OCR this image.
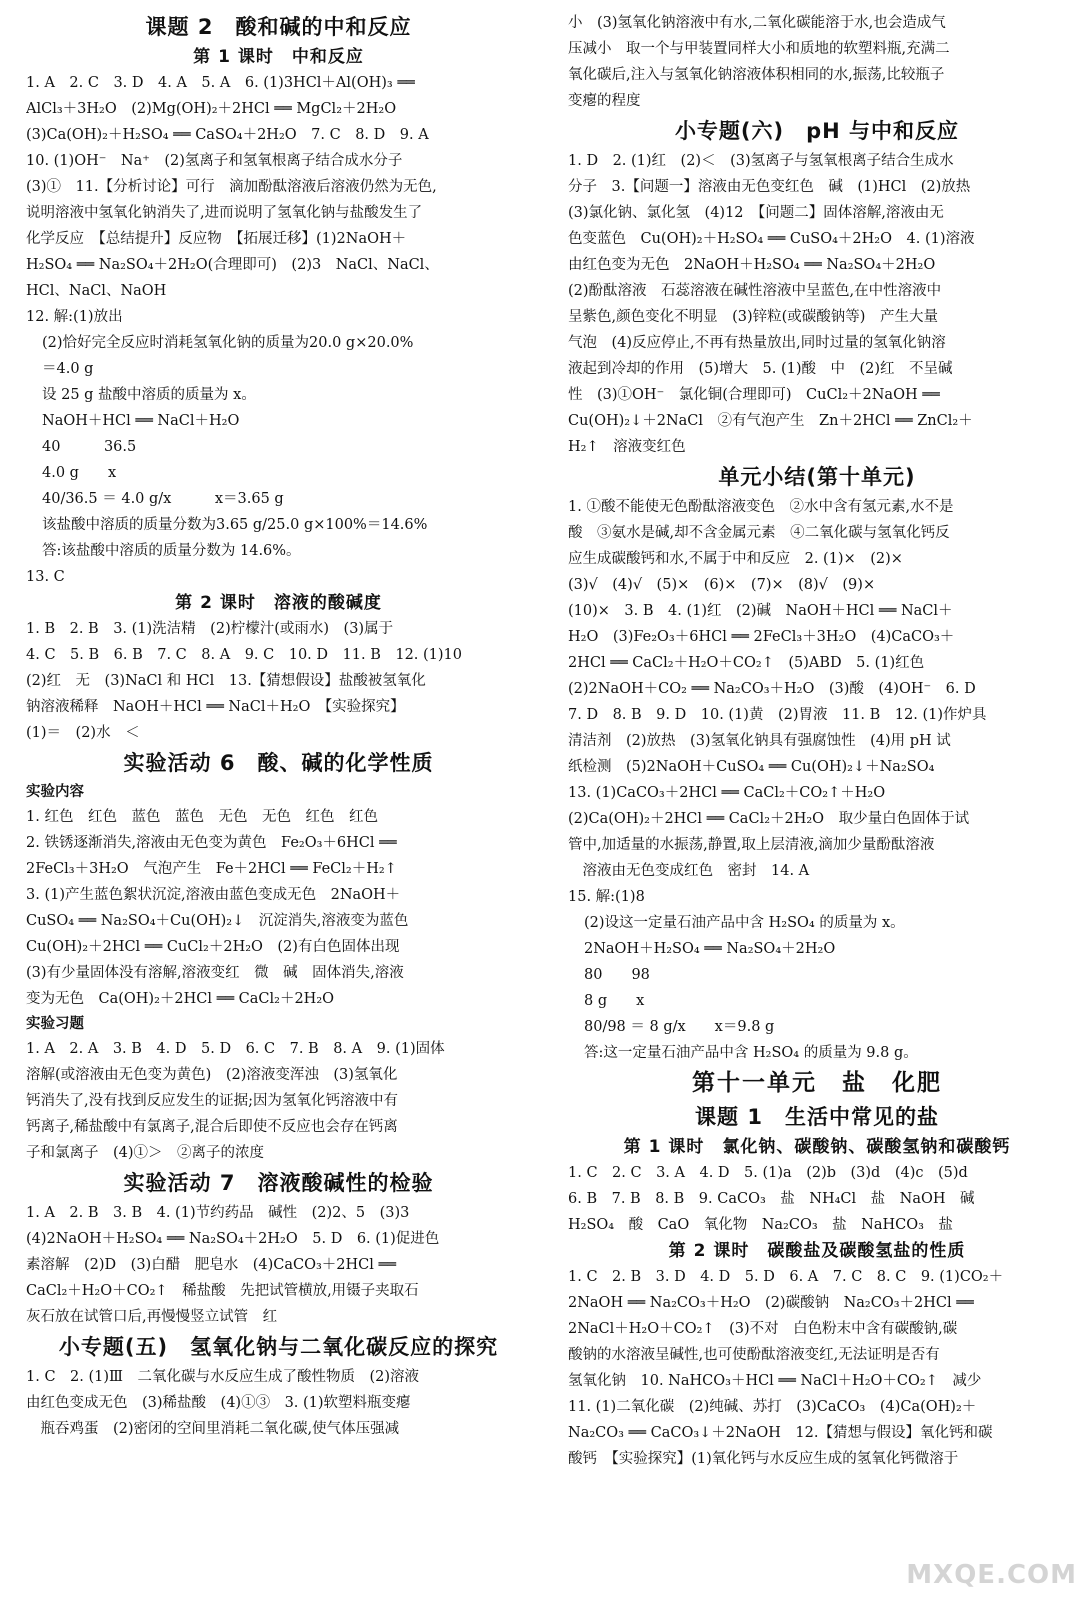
课题 2　酸和碱的中和反应
第 1 课时　中和反应
1. A　2. C　3. D　4. A　5. A　6. (1)3HCl＋Al(OH)₃ ══
AlCl₃＋3H₂O　(2)Mg(OH)₂＋2HCl ══ MgCl₂＋2H₂O
(3)Ca(OH)₂＋H₂SO₄ ══ CaSO₄＋2H₂O　7. C　8. D　9. A
10. (1)OH⁻　Na⁺　(2)氢离子和氢氧根离子结合成水分子
(3)①　11.【分析讨论】可行　滴加酚酞溶液后溶液仍然为无色,
说明溶液中氢氧化钠消失了,进而说明了氢氧化钠与盐酸发生了
化学反应　【总结提升】反应物　【拓展迁移】(1)2NaOH＋
H₂SO₄ ══ Na₂SO₄＋2H₂O(合理即可)　(2)3　NaCl、NaCl、
HCl、NaCl、NaOH
12. 解:(1)放出
(2)恰好完全反应时消耗氢氧化钠的质量为20.0 g×20.0%
＝4.0 g
设 25 g 盐酸中溶质的质量为 x。
NaOH＋HCl ══ NaCl＋H₂O
40　　　36.5
4.0 g　　x
40/36.5 ＝ 4.0 g/x　　　x＝3.65 g
该盐酸中溶质的质量分数为3.65 g/25.0 g×100%＝14.6%
答:该盐酸中溶质的质量分数为 14.6%。
13. C
第 2 课时　溶液的酸碱度
1. B　2. B　3. (1)洗洁精　(2)柠檬汁(或雨水)　(3)属于
4. C　5. B　6. B　7. C　8. A　9. C　10. D　11. B　12. (1)10
(2)红　无　(3)NaCl 和 HCl　13.【猜想假设】盐酸被氢氧化
钠溶液稀释　NaOH＋HCl ══ NaCl＋H₂O　【实验探究】
(1)＝　(2)水　＜
实验活动 6　酸、碱的化学性质
实验内容
1. 红色　红色　蓝色　蓝色　无色　无色　红色　红色
2. 铁锈逐渐消失,溶液由无色变为黄色　Fe₂O₃＋6HCl ══
2FeCl₃＋3H₂O　气泡产生　Fe＋2HCl ══ FeCl₂＋H₂↑
3. (1)产生蓝色絮状沉淀,溶液由蓝色变成无色　2NaOH＋
CuSO₄ ══ Na₂SO₄＋Cu(OH)₂↓　沉淀消失,溶液变为蓝色
Cu(OH)₂＋2HCl ══ CuCl₂＋2H₂O　(2)有白色固体出现
(3)有少量固体没有溶解,溶液变红　微　碱　固体消失,溶液
变为无色　Ca(OH)₂＋2HCl ══ CaCl₂＋2H₂O
实验习题
1. A　2. A　3. B　4. D　5. D　6. C　7. B　8. A　9. (1)固体
溶解(或溶液由无色变为黄色)　(2)溶液变浑浊　(3)氢氧化
钙消失了,没有找到反应发生的证据;因为氢氧化钙溶液中有
钙离子,稀盐酸中有氯离子,混合后即使不反应也会存在钙离
子和氯离子　(4)①＞　②离子的浓度
实验活动 7　溶液酸碱性的检验
1. A　2. B　3. B　4. (1)节约药品　碱性　(2)2、5　(3)3
(4)2NaOH＋H₂SO₄ ══ Na₂SO₄＋2H₂O　5. D　6. (1)促进色
素溶解　(2)D　(3)白醋　肥皂水　(4)CaCO₃＋2HCl ══
CaCl₂＋H₂O＋CO₂↑　稀盐酸　先把试管横放,用镊子夹取石
灰石放在试管口后,再慢慢竖立试管　红
小专题(五)　氢氧化钠与二氧化碳反应的探究
1. C　2. (1)Ⅲ　二氧化碳与水反应生成了酸性物质　(2)溶液
由红色变成无色　(3)稀盐酸　(4)①③　3. (1)软塑料瓶变瘪
　瓶吞鸡蛋　(2)密闭的空间里消耗二氧化碳,使气体压强减
小　(3)氢氧化钠溶液中有水,二氧化碳能溶于水,也会造成气
压减小　取一个与甲装置同样大小和质地的软塑料瓶,充满二
氧化碳后,注入与氢氧化钠溶液体积相同的水,振荡,比较瓶子
变瘪的程度
小专题(六)　pH 与中和反应
1. D　2. (1)红　(2)＜　(3)氢离子与氢氧根离子结合生成水
分子　3.【问题一】溶液由无色变红色　碱　(1)HCl　(2)放热
(3)氯化钠、氯化氢　(4)12　【问题二】固体溶解,溶液由无
色变蓝色　Cu(OH)₂＋H₂SO₄ ══ CuSO₄＋2H₂O　4. (1)溶液
由红色变为无色　2NaOH＋H₂SO₄ ══ Na₂SO₄＋2H₂O
(2)酚酞溶液　石蕊溶液在碱性溶液中呈蓝色,在中性溶液中
呈紫色,颜色变化不明显　(3)锌粒(或碳酸钠等)　产生大量
气泡　(4)反应停止,不再有热量放出,同时过量的氢氧化钠溶
液起到冷却的作用　(5)增大　5. (1)酸　中　(2)红　不呈碱
性　(3)①OH⁻　氯化铜(合理即可)　CuCl₂＋2NaOH ══
Cu(OH)₂↓＋2NaCl　②有气泡产生　Zn＋2HCl ══ ZnCl₂＋
H₂↑　溶液变红色
单元小结(第十单元)
1. ①酸不能使无色酚酞溶液变色　②水中含有氢元素,水不是
酸　③氨水是碱,却不含金属元素　④二氧化碳与氢氧化钙反
应生成碳酸钙和水,不属于中和反应　2. (1)×　(2)×
(3)√　(4)√　(5)×　(6)×　(7)×　(8)√　(9)×
(10)×　3. B　4. (1)红　(2)碱　NaOH＋HCl ══ NaCl＋
H₂O　(3)Fe₂O₃＋6HCl ══ 2FeCl₃＋3H₂O　(4)CaCO₃＋
2HCl ══ CaCl₂＋H₂O＋CO₂↑　(5)ABD　5. (1)红色
(2)2NaOH＋CO₂ ══ Na₂CO₃＋H₂O　(3)酸　(4)OH⁻　6. D
7. D　8. B　9. D　10. (1)黄　(2)胃液　11. B　12. (1)作炉具
清洁剂　(2)放热　(3)氢氧化钠具有强腐蚀性　(4)用 pH 试
纸检测　(5)2NaOH＋CuSO₄ ══ Cu(OH)₂↓＋Na₂SO₄
13. (1)CaCO₃＋2HCl ══ CaCl₂＋CO₂↑＋H₂O
(2)Ca(OH)₂＋2HCl ══ CaCl₂＋2H₂O　取少量白色固体于试
管中,加适量的水振荡,静置,取上层清液,滴加少量酚酞溶液
　溶液由无色变成红色　密封　14. A
15. 解:(1)8
(2)设这一定量石油产品中含 H₂SO₄ 的质量为 x。
2NaOH＋H₂SO₄ ══ Na₂SO₄＋2H₂O
80　　98
8 g　　x
80/98 ＝ 8 g/x　　x＝9.8 g
答:这一定量石油产品中含 H₂SO₄ 的质量为 9.8 g。
第十一单元　盐　化肥
课题 1　生活中常见的盐
第 1 课时　氯化钠、碳酸钠、碳酸氢钠和碳酸钙
1. C　2. C　3. A　4. D　5. (1)a　(2)b　(3)d　(4)c　(5)d
6. B　7. B　8. B　9. CaCO₃　盐　NH₄Cl　盐　NaOH　碱
H₂SO₄　酸　CaO　氧化物　Na₂CO₃　盐　NaHCO₃　盐
第 2 课时　碳酸盐及碳酸氢盐的性质
1. C　2. B　3. D　4. D　5. D　6. A　7. C　8. C　9. (1)CO₂＋
2NaOH ══ Na₂CO₃＋H₂O　(2)碳酸钠　Na₂CO₃＋2HCl ══
2NaCl＋H₂O＋CO₂↑　(3)不对　白色粉末中含有碳酸钠,碳
酸钠的水溶液呈碱性,也可使酚酞溶液变红,无法证明是否有
氢氧化钠　10. NaHCO₃＋HCl ══ NaCl＋H₂O＋CO₂↑　减少
11. (1)二氧化碳　(2)纯碱、苏打　(3)CaCO₃　(4)Ca(OH)₂＋
Na₂CO₃ ══ CaCO₃↓＋2NaOH　12.【猜想与假设】氧化钙和碳
酸钙　【实验探究】(1)氧化钙与水反应生成的氢氧化钙微溶于
MXQE.COM
